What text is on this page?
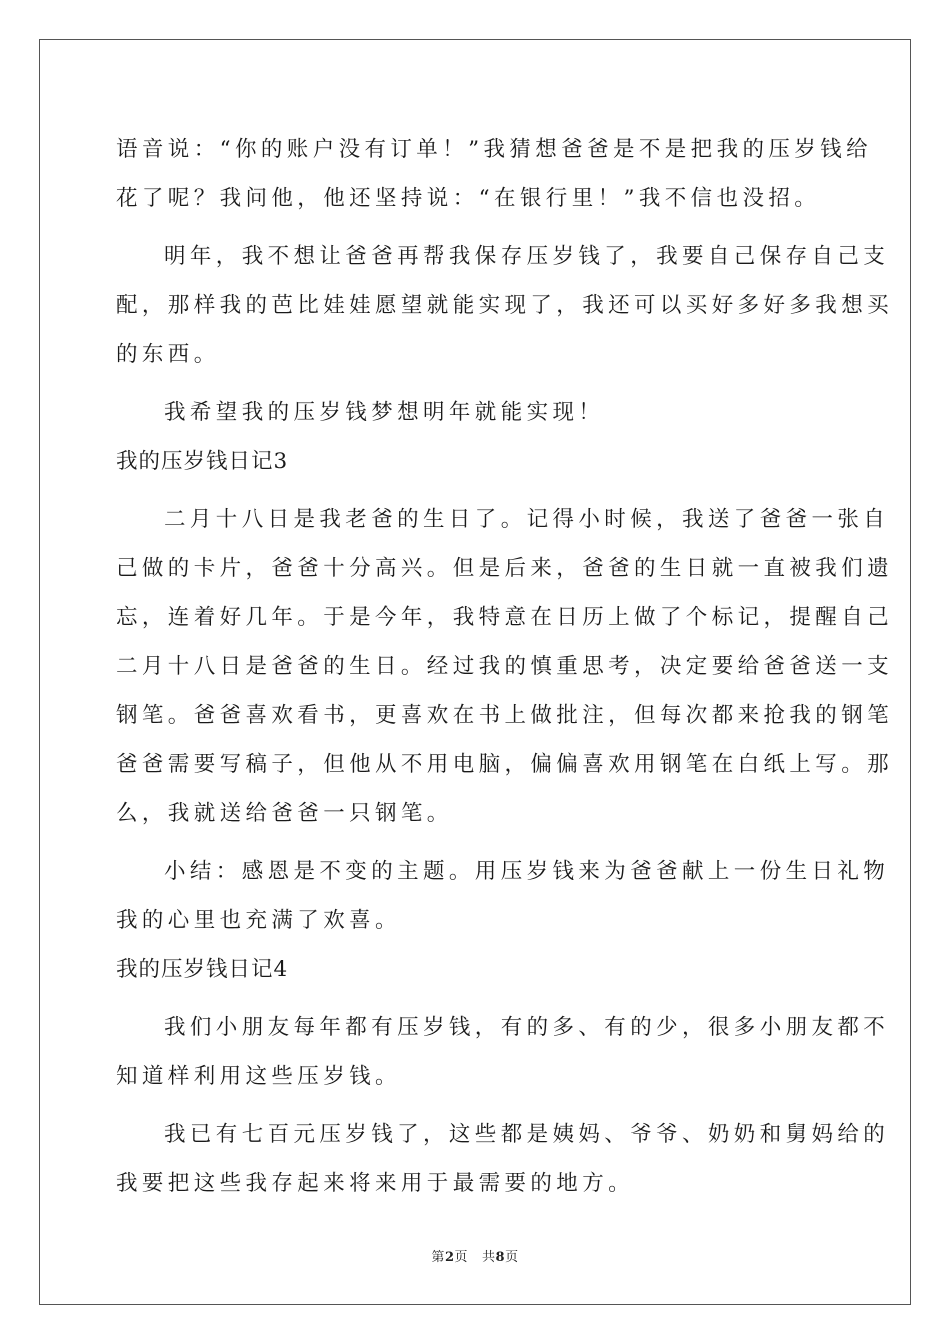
语音说：“你的账户没有订单！”我猜想爸爸是不是把我的压岁钱给
花了呢？我问他，他还坚持说：“在银行里！”我不信也没招。
明年，我不想让爸爸再帮我保存压岁钱了，我要自己保存自己支
配，那样我的芭比娃娃愿望就能实现了，我还可以买好多好多我想买
的东西。
我希望我的压岁钱梦想明年就能实现！
我的压岁钱日记3
二月十八日是我老爸的生日了。记得小时候，我送了爸爸一张自
己做的卡片，爸爸十分高兴。但是后来，爸爸的生日就一直被我们遗
忘，连着好几年。于是今年，我特意在日历上做了个标记，提醒自己
二月十八日是爸爸的生日。经过我的慎重思考，决定要给爸爸送一支
钢笔。爸爸喜欢看书，更喜欢在书上做批注，但每次都来抢我的钢笔
爸爸需要写稿子，但他从不用电脑，偏偏喜欢用钢笔在白纸上写。那
么，我就送给爸爸一只钢笔。
小结：感恩是不变的主题。用压岁钱来为爸爸献上一份生日礼物
我的心里也充满了欢喜。
我的压岁钱日记4
我们小朋友每年都有压岁钱，有的多、有的少，很多小朋友都不
知道样利用这些压岁钱。
我已有七百元压岁钱了，这些都是姨妈、爷爷、奶奶和舅妈给的
我要把这些我存起来将来用于最需要的地方。
第2页 共8页
